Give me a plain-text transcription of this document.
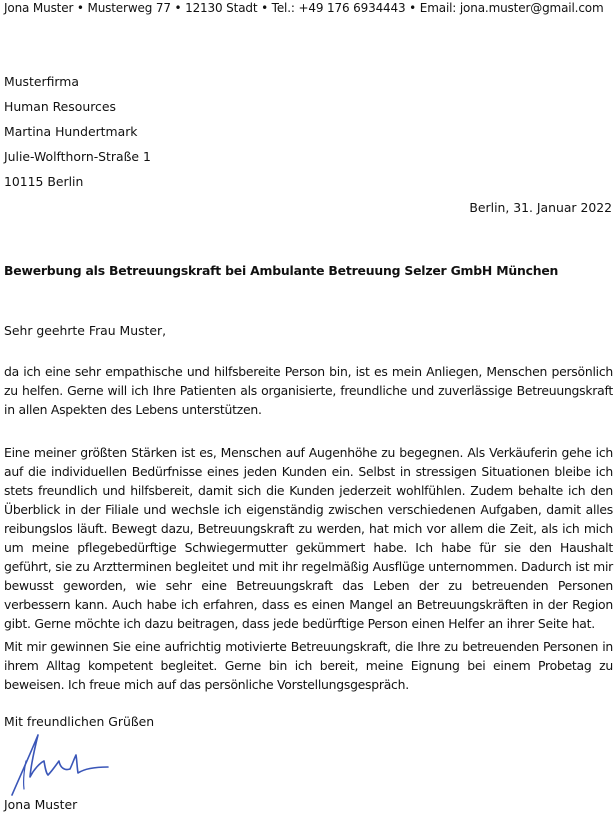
Jona Muster • Musterweg 77 • 12130 Stadt • Tel.: +49 176 6934443 • Email: jona.muster@gmail.com
Musterfirma
Human Resources
Martina Hundertmark
Julie-Wolfthorn-Straße 1
10115 Berlin
Berlin, 31. Januar 2022
Bewerbung als Betreuungskraft bei Ambulante Betreuung Selzer GmbH München
Sehr geehrte Frau Muster,
da ich eine sehr empathische und hilfsbereite Person bin, ist es mein Anliegen, Menschen persönlich zu helfen. Gerne will ich Ihre Patienten als organisierte, freundliche und zuverlässige Betreuungskraft in allen Aspekten des Lebens unterstützen.
Eine meiner größten Stärken ist es, Menschen auf Augenhöhe zu begegnen. Als Verkäuferin gehe ich auf die individuellen Bedürfnisse eines jeden Kunden ein. Selbst in stressigen Situationen bleibe ich stets freundlich und hilfsbereit, damit sich die Kunden jederzeit wohlfühlen. Zudem behalte ich den Überblick in der Filiale und wechsle ich eigenständig zwischen verschiedenen Aufgaben, damit alles reibungslos läuft. Bewegt dazu, Betreuungskraft zu werden, hat mich vor allem die Zeit, als ich mich um meine pflegebedürftige Schwiegermutter gekümmert habe. Ich habe für sie den Haushalt geführt, sie zu Arztterminen begleitet und mit ihr regelmäßig Ausflüge unternommen. Dadurch ist mir bewusst geworden, wie sehr eine Betreuungskraft das Leben der zu betreuenden Personen verbessern kann. Auch habe ich erfahren, dass es einen Mangel an Betreuungskräften in der Region gibt. Gerne möchte ich dazu beitragen, dass jede bedürftige Person einen Helfer an ihrer Seite hat.
Mit mir gewinnen Sie eine aufrichtig motivierte Betreuungskraft, die Ihre zu betreuenden Personen in ihrem Alltag kompetent begleitet. Gerne bin ich bereit, meine Eignung bei einem Probetag zu beweisen. Ich freue mich auf das persönliche Vorstellungsgespräch.
Mit freundlichen Grüßen
Jona Muster
